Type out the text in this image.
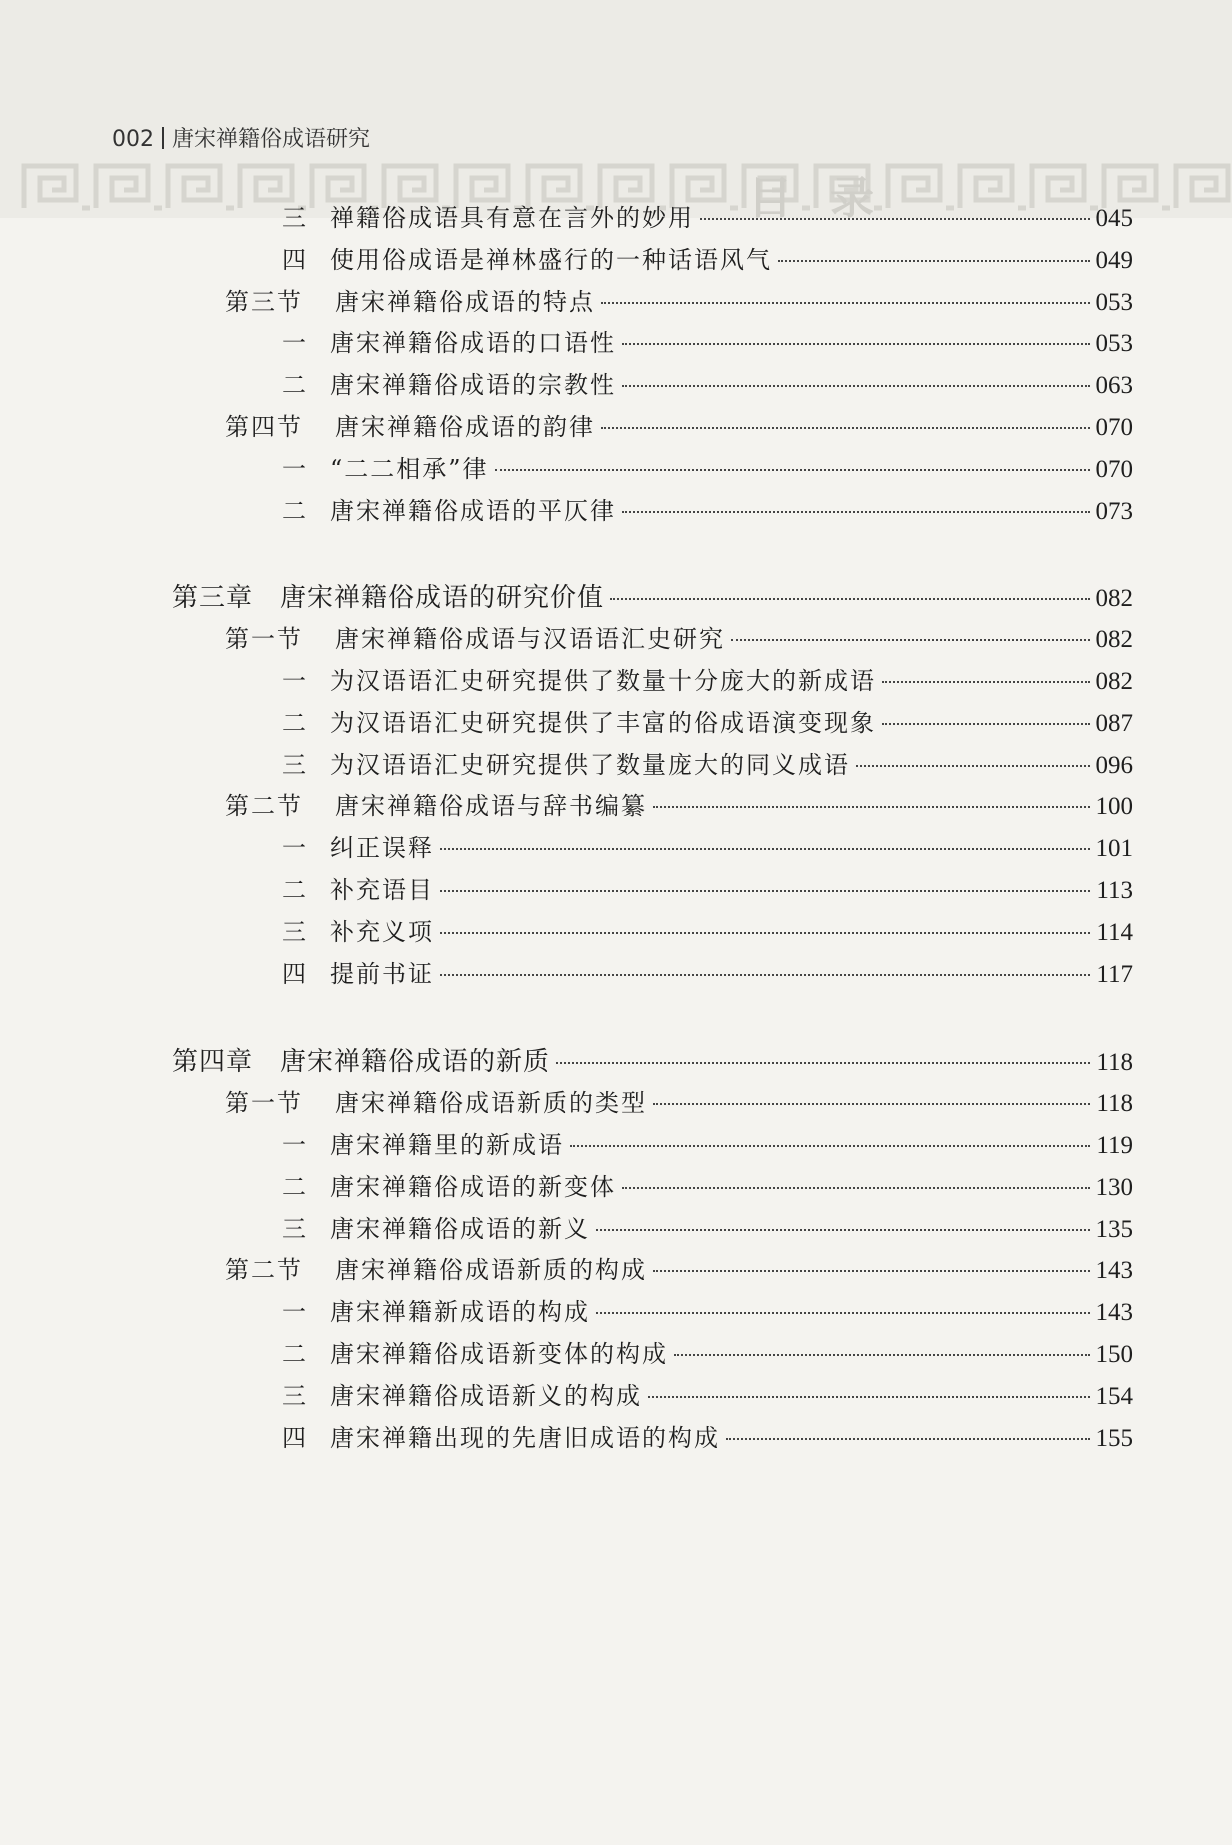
002 唐宋禅籍俗成语研究
目 录
三 禅籍俗成语具有意在言外的妙用	045
四 使用俗成语是禅林盛行的一种话语风气	049
第三节 唐宋禅籍俗成语的特点	053
一 唐宋禅籍俗成语的口语性	053
二 唐宋禅籍俗成语的宗教性	063
第四节 唐宋禅籍俗成语的韵律	070
一 “二二相承”律	070
二 唐宋禅籍俗成语的平仄律	073
第三章 唐宋禅籍俗成语的研究价值	082
第一节 唐宋禅籍俗成语与汉语语汇史研究	082
一 为汉语语汇史研究提供了数量十分庞大的新成语	082
二 为汉语语汇史研究提供了丰富的俗成语演变现象	087
三 为汉语语汇史研究提供了数量庞大的同义成语	096
第二节 唐宋禅籍俗成语与辞书编纂	100
一 纠正误释	101
二 补充语目	113
三 补充义项	114
四 提前书证	117
第四章 唐宋禅籍俗成语的新质	118
第一节 唐宋禅籍俗成语新质的类型	118
一 唐宋禅籍里的新成语	119
二 唐宋禅籍俗成语的新变体	130
三 唐宋禅籍俗成语的新义	135
第二节 唐宋禅籍俗成语新质的构成	143
一 唐宋禅籍新成语的构成	143
二 唐宋禅籍俗成语新变体的构成	150
三 唐宋禅籍俗成语新义的构成	154
四 唐宋禅籍出现的先唐旧成语的构成	155
